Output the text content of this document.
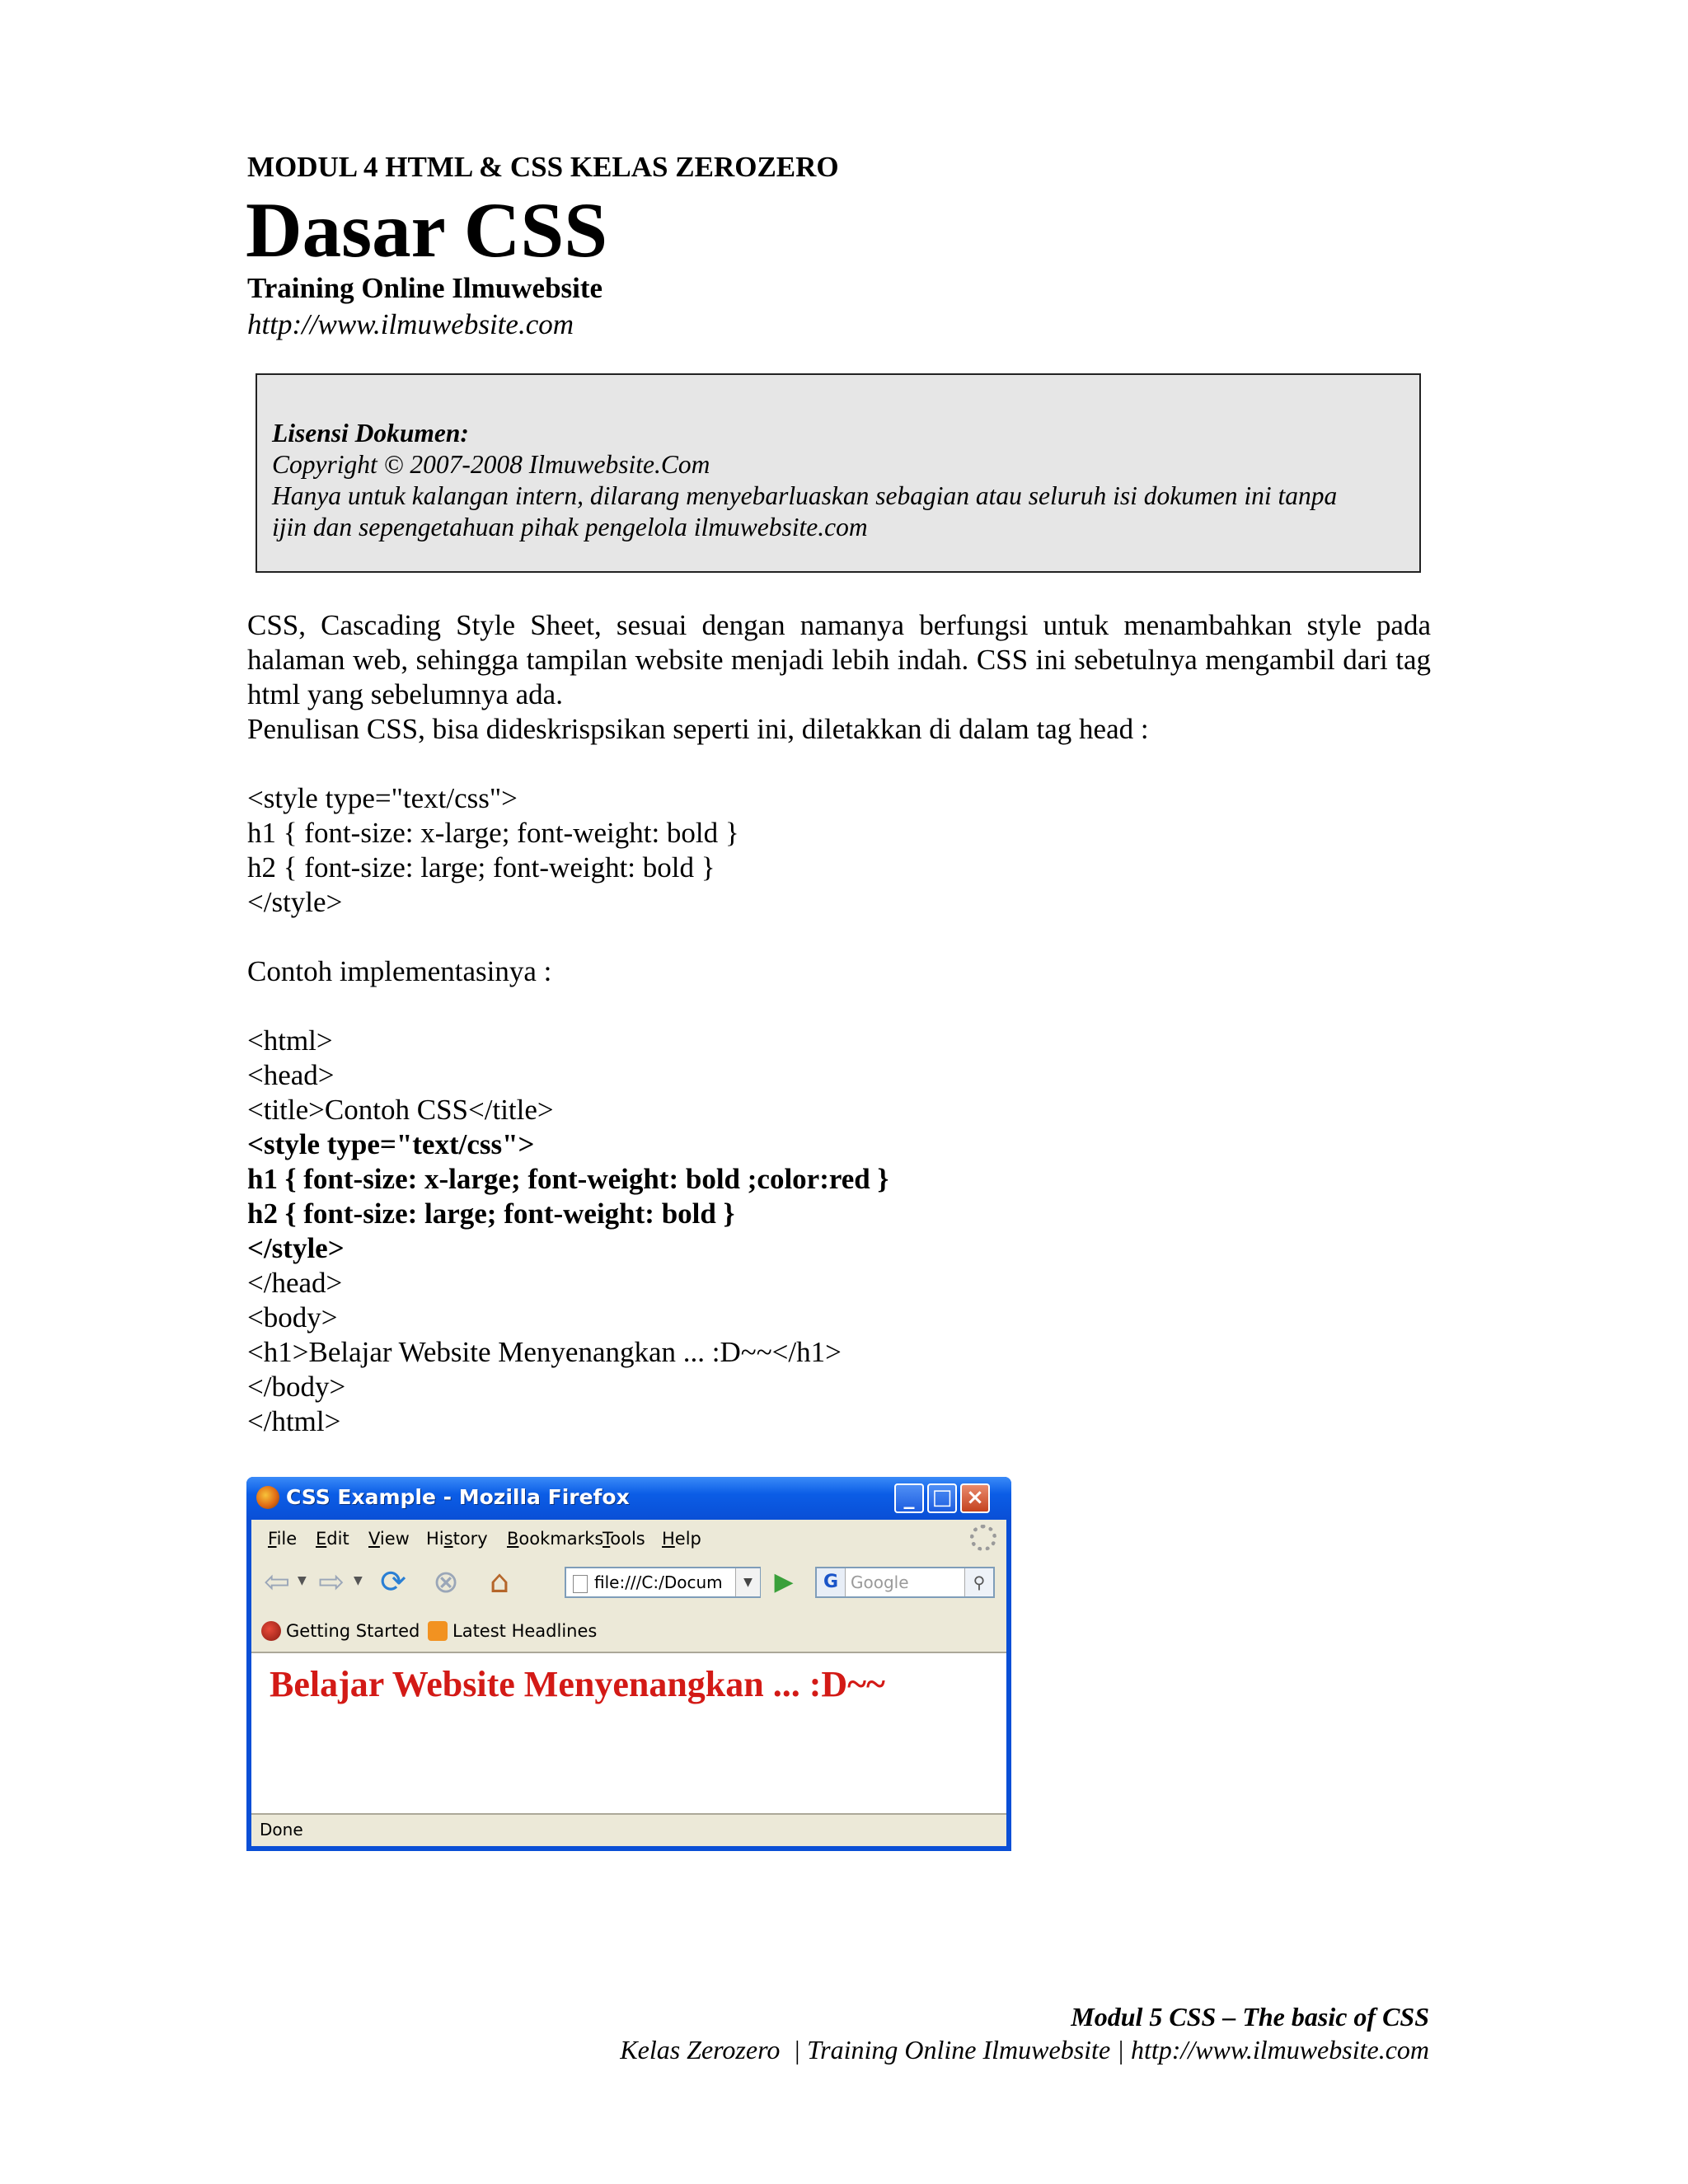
MODUL 4 HTML & CSS KELAS ZEROZERO
Dasar CSS
Training Online Ilmuwebsite
http://www.ilmuwebsite.com
Lisensi Dokumen:
Copyright © 2007-2008 Ilmuwebsite.Com
Hanya untuk kalangan intern, dilarang menyebarluaskan sebagian atau seluruh isi dokumen ini tanpa
ijin dan sepengetahuan pihak pengelola ilmuwebsite.com
CSS, Cascading Style Sheet, sesuai dengan namanya berfungsi untuk menambahkan style pada halaman web, sehingga tampilan website menjadi lebih indah. CSS ini sebetulnya mengambil dari tag html yang sebelumnya ada.
Penulisan CSS, bisa dideskrispsikan seperti ini, diletakkan di dalam tag head :
<style type="text/css">
h1 { font-size: x-large; font-weight: bold }
h2 { font-size: large; font-weight: bold }
</style>
Contoh implementasinya :
<html>
<head>
<title>Contoh CSS</title>
<style type="text/css">
h1 { font-size: x-large; font-weight: bold ;color:red }
h2 { font-size: large; font-weight: bold }
</style>
</head>
<body>
<h1>Belajar Website Menyenangkan ... :D~~</h1>
</body>
</html>
CSS Example - Mozilla Firefox	_ □ ×
File Edit View History Bookmarks
Tools Help
⇦ ▼ ⇨ ▼ ⟳ ⊗ ⌂	file:///C:/Docum	▼ ▶	G Google	⚲
Getting Started	Latest Headlines
Belajar Website Menyenangkan ... :D~~
Done
Modul 5 CSS – The basic of CSS
Kelas Zerozero  | Training Online Ilmuwebsite | http://www.ilmuwebsite.com
